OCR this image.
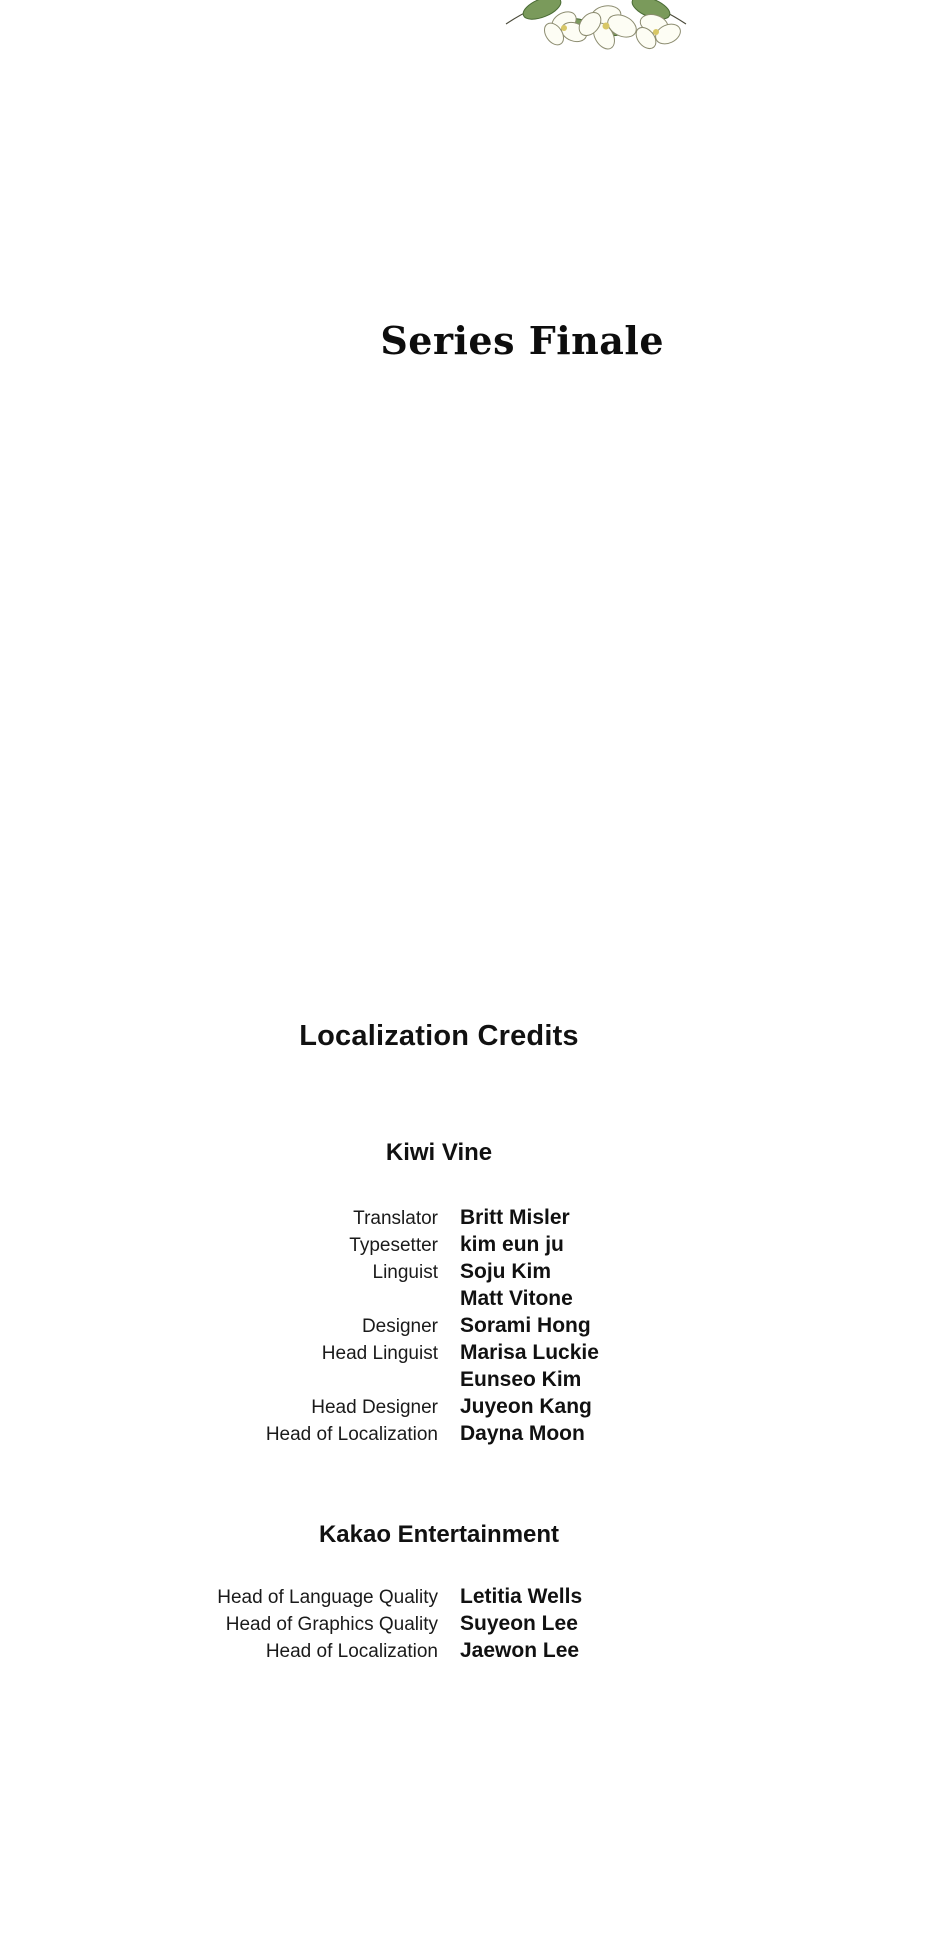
Series Finale
Localization Credits
Kiwi Vine
Translator	Britt Misler
Typesetter	kim eun ju
Linguist	Soju Kim
Matt Vitone
Designer	Sorami Hong
Head Linguist	Marisa Luckie
Eunseo Kim
Head Designer	Juyeon Kang
Head of Localization	Dayna Moon
Kakao Entertainment
Head of Language Quality	Letitia Wells
Head of Graphics Quality	Suyeon Lee
Head of Localization	Jaewon Lee
